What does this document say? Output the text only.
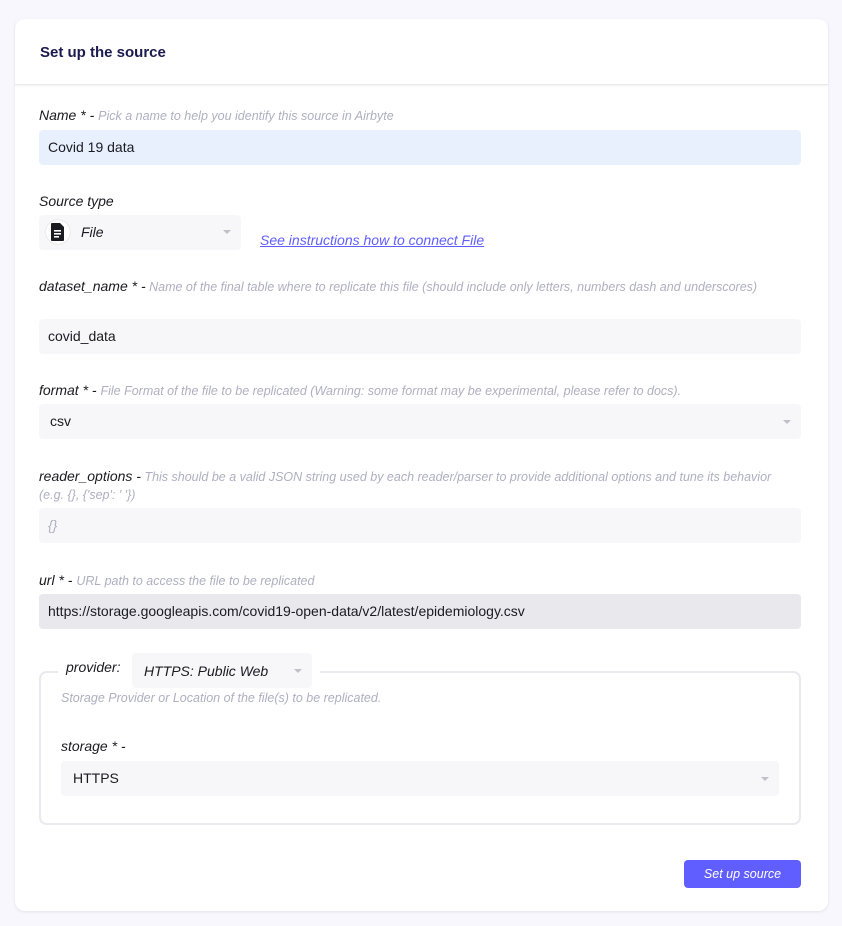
Set up the source
Name * - Pick a name to help you identify this source in Airbyte
Covid 19 data
Source type
File	See instructions how to connect File
dataset_name * - Name of the final table where to replicate this file (should include only letters, numbers dash and underscores)
covid_data
format * - File Format of the file to be replicated (Warning: some format may be experimental, please refer to docs).
csv
reader_options - This should be a valid JSON string used by each reader/parser to provide additional options and tune its behavior (e.g. {}, {'sep': ' '})
{}
url * - URL path to access the file to be replicated
https://storage.googleapis.com/covid19-open-data/v2/latest/epidemiology.csv
provider: HTTPS: Public Web
Storage Provider or Location of the file(s) to be replicated.
storage * -
HTTPS
Set up source
